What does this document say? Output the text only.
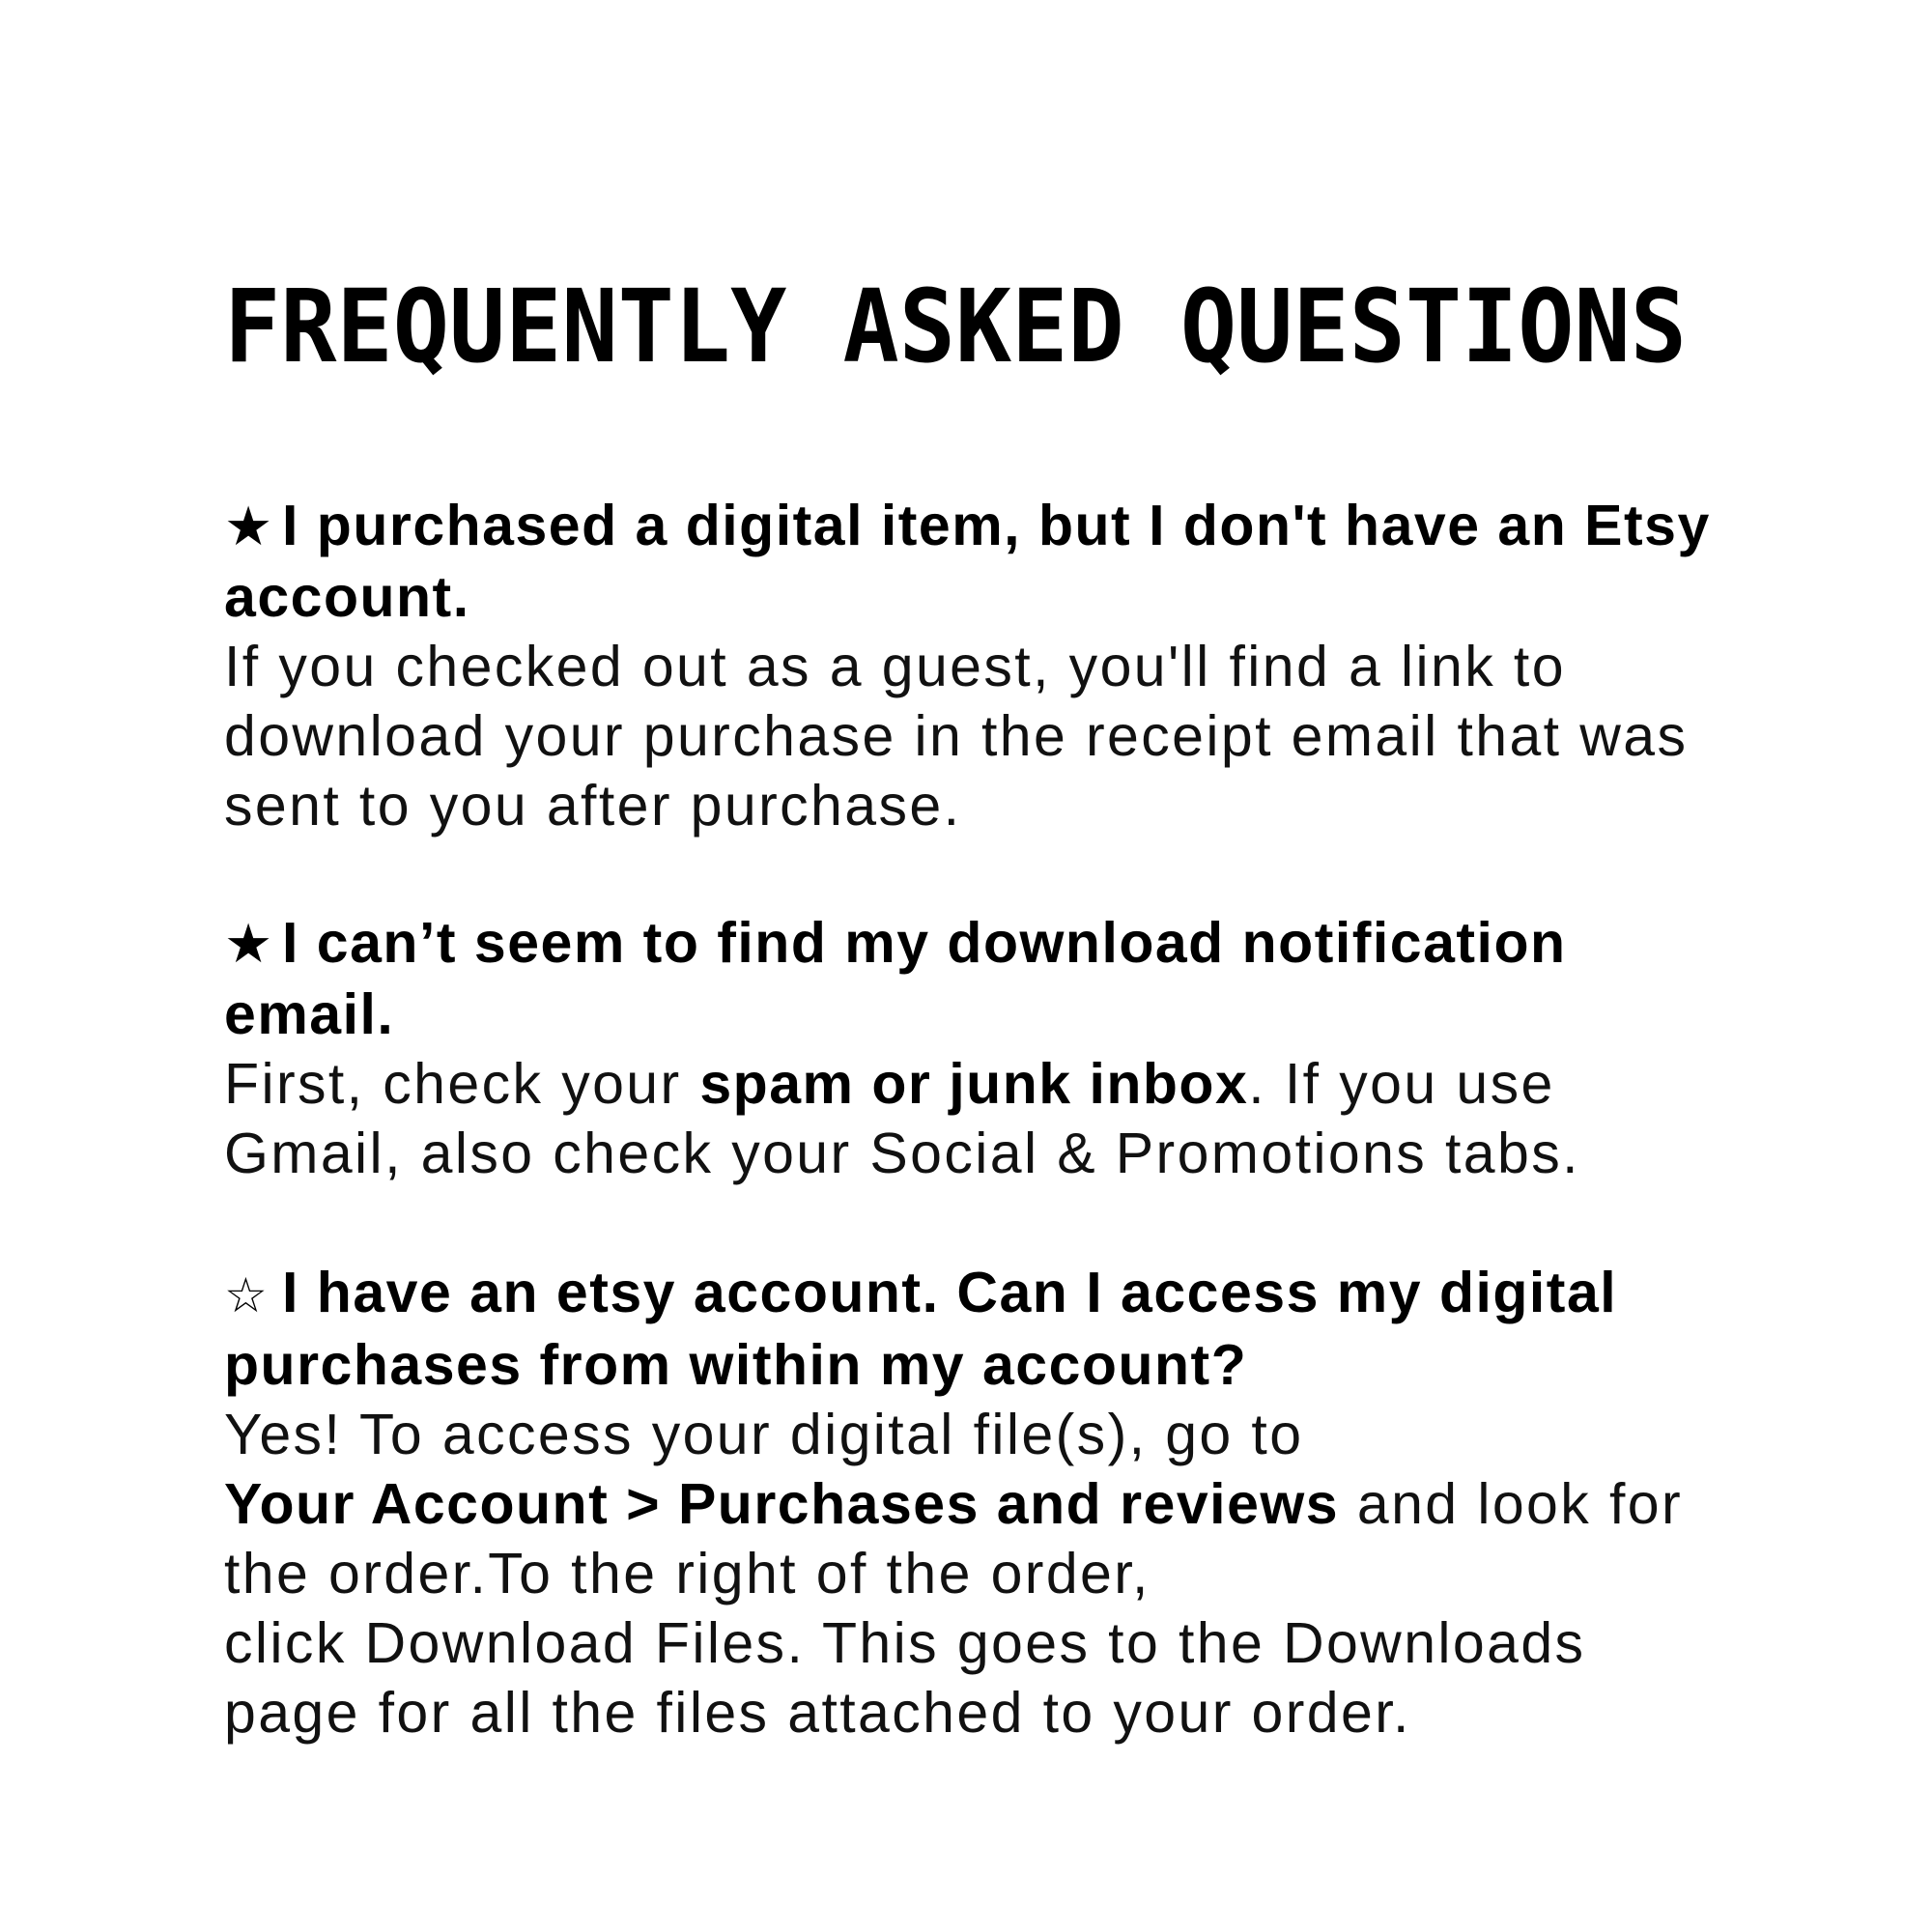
FREQUENTLY ASKED QUESTIONS

★ I purchased a digital item, but I don't have an Etsy account.

If you checked out as a guest, you'll find a link to download your purchase in the receipt email that was sent to you after purchase.

★ I can’t seem to find my download notification email.

First, check your spam or junk inbox. If you use Gmail, also check your Social & Promotions tabs.

☆ I have an etsy account. Can I access my digital purchases from within my account?

Yes! To access your digital file(s), go to
Your Account > Purchases and reviews and look for the order.To the right of the order,
click Download Files. This goes to the Downloads page for all the files attached to your order.
